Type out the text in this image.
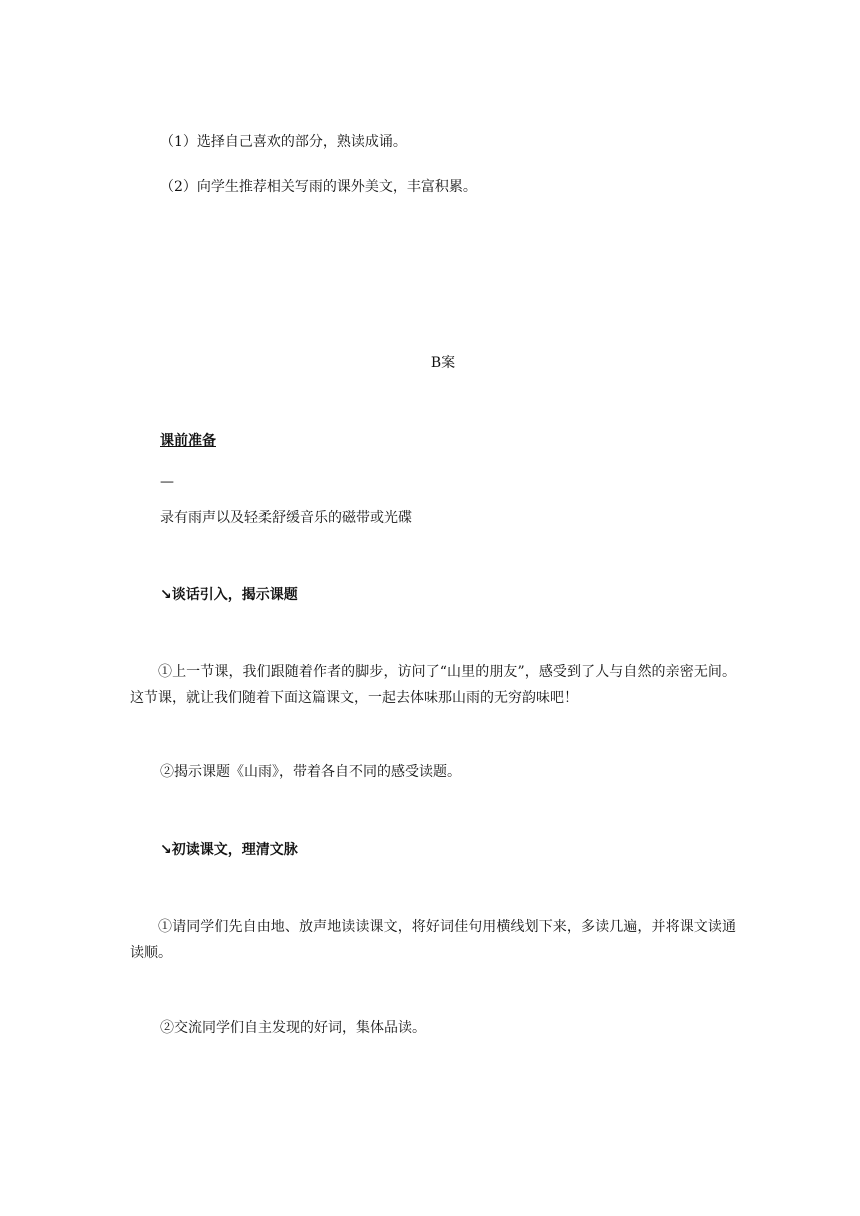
（1）选择自己喜欢的部分，熟读成诵。
（2）向学生推荐相关写雨的课外美文，丰富积累。
B案
课前准备
—
录有雨声以及轻柔舒缓音乐的磁带或光碟
↘谈话引入，揭示课题
①上一节课，我们跟随着作者的脚步，访问了“山里的朋友”，感受到了人与自然的亲密无间。这节课，就让我们随着下面这篇课文，一起去体味那山雨的无穷韵味吧！
②揭示课题《山雨》，带着各自不同的感受读题。
↘初读课文，理清文脉
①请同学们先自由地、放声地读读课文，将好词佳句用横线划下来，多读几遍，并将课文读通读顺。
②交流同学们自主发现的好词，集体品读。
